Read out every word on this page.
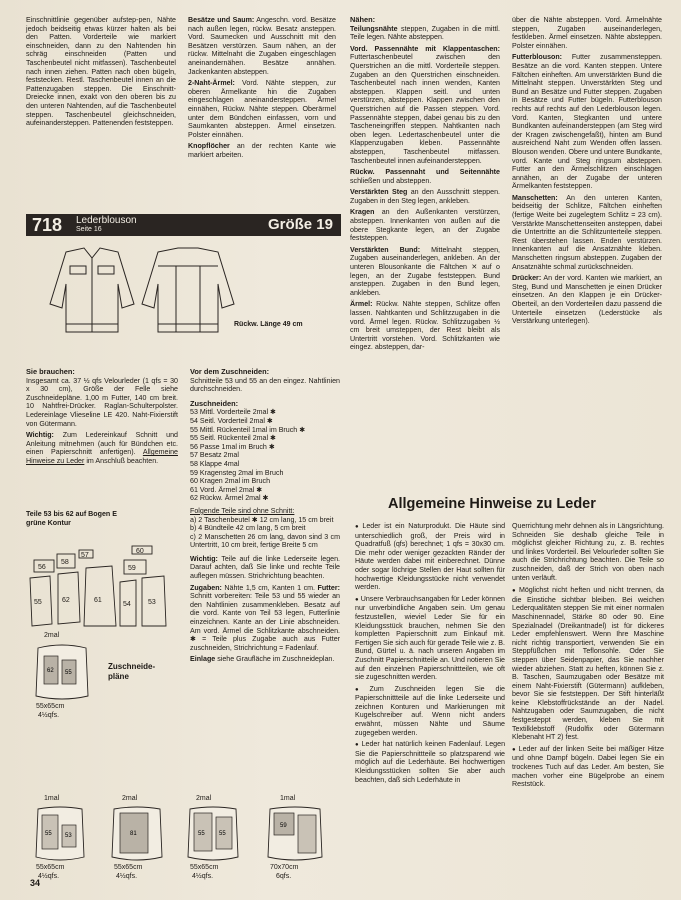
Einschnittlinie gegenüber aufstep-pen, Nähte jedoch beidseitig etwas kürzer halten als bei den Patten. Vorderteile wie markiert einschneiden, dann zu den Nahtenden hin schräg einschneiden (Patten und Taschenbeutel nicht mitfassen). Taschenbeutel nach innen ziehen. Patten nach oben bügeln, feststecken. Restl. Taschenbeutel innen an die Pattenzugaben steppen. Die Einschnitt-Dreiecke innen, exakt von den oberen bis zu den unteren Nahtenden, auf die Taschenbeutel steppen. Taschenbeutel gleichschneiden, aufeinandersteppen. Pattenenden feststeppen.

Besätze und Saum: Angeschn. vord. Besätze nach außen legen, rückw. Besatz ansteppen. Vord. Saumecken und Ausschnitt mit den Besätzen verstürzen. Saum nähen, an der rückw. Mittelnaht die Zugaben eingeschlagen aneinandernähen. Besätze annähen. Jackenkanten absteppen.

2-Naht-Ärmel: Vord. Nähte steppen, zur oberen Ärmelkante hin die Zugaben eingeschlagen aneinandersteppen. Ärmel einnähen, Rückw. Nähte steppen. Oberärmel unter dem Bündchen einfassen, vorn und Saumkanten absteppen. Ärmel einsetzen. Polster einnähen.

Knopflöcher an der rechten Kante wie markiert arbeiten.

718 Lederblouson
Seite 16	Größe 19
Rückw. Länge 49 cm

Sie brauchen:
Insgesamt ca. 37 ½ qfs Velourleder (1 qfs = 30 x 30 cm), Größe der Felle siehe Zuschneidepläne. 1,00 m Futter, 140 cm breit. 10 Nahtfrei-Drücker. Raglan-Schulterpolster. Ledereinlage Vlieseline LE 420. Naht-Fixierstift von Gütermann.

Wichtig: Zum Ledereinkauf Schnitt und Anleitung mitnehmen (auch für Bündchen etc. einen Papierschnitt anfertigen). Allgemeine Hinweise zu Leder im Anschluß beachten.

Teile 53 bis 62 auf Bogen E
grüne Kontur
56
58
57
60
59
55	62	61
54 53
Zuschneide-
pläne
2mal
62 55
55x65cm
4½qfs.
1mal
55 53
55x65cm
4½qfs.
2mal
81
55x65cm
4½qfs.
2mal
55 55
55x65cm
4½qfs.
1mal
59
70x70cm
6qfs.

Vor dem Zuschneiden:
Schnitteile 53 und 55 an den eingez. Nahtlinien durchschneiden.

Zuschneiden:
53 Mittl. Vorderteile 2mal ✱
54 Seitl. Vorderteil 2mal ✱
55 Mittl. Rückenteil 1mal im Bruch ✱
55 Seitl. Rückenteil 2mal ✱
56 Passe 1mal im Bruch ✱
57 Besatz 2mal
58 Klappe 4mal
59 Kragensteg 2mal im Bruch
60 Kragen 2mal im Bruch
61 Vord. Ärmel 2mal ✱
62 Rückw. Ärmel 2mal ✱
Folgende Teile sind ohne Schnitt:
a) 2 Taschenbeutel ✱ 12 cm lang, 15 cm breit
b) 4 Bündteile 42 cm lang, 5 cm breit
c) 2 Manschetten 26 cm lang, davon sind 3 cm Untertritt, 10 cm breit, fertige Breite 5 cm

Wichtig: Teile auf die linke Lederseite legen. Darauf achten, daß Sie linke und rechte Teile auflegen müssen. Strichrichtung beachten.

Zugaben: Nähte 1,5 cm, Kanten 1 cm. Futter: Schnitt vorbereiten: Teile 53 und 55 wieder an den Nahtlinien zusammenkleben. Besatz auf die vord. Kante von Teil 53 legen, Futterlinie einzeichnen. Kante an der Linie abschneiden. Am vord. Ärmel die Schlitzkante abschneiden. ✱ = Teile plus Zugabe auch aus Futter zuschneiden, Strichrichtung = Fadenlauf.

Einlage siehe Graufläche im Zuschneideplan.

Nähen:

Teilungsnähte steppen, Zugaben in die mittl. Teile legen. Nähte absteppen.

Vord. Passennähte mit Klappentaschen: Futtertaschenbeutel zwischen den Querstrichen an die mittl. Vorderteile steppen. Zugaben an den Querstrichen einschneiden. Taschenbeutel nach innen wenden, Kanten absteppen. Klappen seitl. und unten verstürzen, absteppen. Klappen zwischen den Querstrichen auf die Passen steppen. Vord. Passennähte steppen, dabei genau bis zu den Tascheneingriffen steppen. Nahtkanten nach oben legen. Ledertaschenbeutel unter die Klappenzugaben kleben. Passennähte absteppen, Taschenbeutel mitfassen. Taschenbeutel innen aufeinandersteppen.

Rückw. Passennaht und Seitennähte schließen und absteppen.

Verstärkten Steg an den Ausschnitt steppen. Zugaben in den Steg legen, ankleben.

Kragen an den Außenkanten verstürzen, absteppen. Innenkanten von außen auf die obere Stegkante legen, an der Zugabe feststeppen.

Verstärkten Bund: Mittelnaht steppen, Zugaben auseinanderlegen, ankleben. An der unteren Blousonkante die Fältchen ✕ auf o legen, an der Zugabe feststeppen. Bund ansteppen. Zugaben in den Bund legen, ankleben.

Ärmel: Rückw. Nähte steppen, Schlitze offen lassen. Nahtkanten und Schlitzzugaben in die vord. Ärmel legen. Rückw. Schlitzzugaben ½ cm breit umsteppen, der Rest bleibt als Untertritt vorstehen. Vord. Schlitzkanten wie eingez. absteppen, dar-

über die Nähte absteppen. Vord. Ärmelnähte steppen, Zugaben auseinanderlegen, festkleben. Ärmel einsetzen. Nähte absteppen. Polster einnähen.

Futterblouson: Futter zusammensteppen. Besätze an die vord. Kanten steppen. Untere Fältchen einheften. Am unverstärkten Bund die Mittelnaht steppen. Unverstärkten Steg und Bund an Besätze und Futter steppen. Zugaben in Besätze und Futter bügeln. Futterblouson rechts auf rechts auf den Lederblouson legen. Vord. Kanten, Stegkanten und untere Bundkanten aufeinandersteppen (am Steg wird der Kragen zwischengefaßt), hinten am Bund ausreichend Naht zum Wenden offen lassen. Blouson wenden. Obere und untere Bundkante, vord. Kante und Steg ringsum absteppen. Futter an den Ärmelschlitzen einschlagen annähen, an der Zugabe der unteren Ärmelkanten feststeppen.

Manschetten: An den unteren Kanten, beidseitig der Schlitze, Fältchen einheften (fertige Weite bei zugelegtem Schlitz = 23 cm). Verstärkte Manschettenseiten ansteppen, dabei die Untertritte an die Schlitzunterteile steppen. Rest überstehen lassen. Enden verstürzen. Innenkanten auf die Ansatznähte kleben. Manschetten ringsum absteppen. Zugaben der Ansatznähte schmal zurückschneiden.

Drücker: An der vord. Kanten wie markiert, an Steg, Bund und Manschetten je einen Drücker einsetzen. An den Klappen je ein Drücker-Oberteil, an den Vorderteilen dazu passend die Unterteile einsetzen (Lederstücke als Verstärkung unterlegen).

Allgemeine Hinweise zu Leder

● Leder ist ein Naturprodukt. Die Häute sind unterschiedlich groß, der Preis wird in Quadratfuß (qfs) berechnet; 1 qfs = 30x30 cm. Die mehr oder weniger gezackten Ränder der Häute werden dabei mit einberechnet. Dünne oder sogar löchrige Stellen der Haut sollten für hochwertige Kleidungsstücke nicht verwendet werden.

● Unsere Verbrauchsangaben für Leder können nur unverbindliche Angaben sein. Um genau festzustellen, wieviel Leder Sie für ein Kleidungsstück brauchen, nehmen Sie den kompletten Papierschnitt zum Einkauf mit. Fertigen Sie sich auch für gerade Teile wie z. B. Bund, Gürtel u. ä. nach unseren Angaben im Zuschnitt Papierschnitteile an. Und notieren Sie auf den einzelnen Papierschnittteilen, wie oft sie zugeschnitten werden.

● Zum Zuschneiden legen Sie die Papierschnittteile auf die linke Lederseite und zeichnen Konturen und Markierungen mit Kugelschreiber auf. Wenn nicht anders erwähnt, müssen Nähte und Säume zugegeben werden.

● Leder hat natürlich keinen Fadenlauf. Legen Sie die Papierschnittteile so platzsparend wie möglich auf die Lederhäute. Bei hochwertigen Kleidungsstücken sollten Sie aber auch beachten, daß sich Lederhäute in

Querrichtung mehr dehnen als in Längsrichtung. Schneiden Sie deshalb gleiche Teile in möglichst gleicher Richtung zu, z. B. rechtes und linkes Vorderteil. Bei Velourleder sollten Sie auch die Strichrichtung beachten. Die Teile so zuschneiden, daß der Strich von oben nach unten verläuft.

● Möglichst nicht heften und nicht trennen, da die Einstiche sichtbar bleiben. Bei weichen Lederqualitäten steppen Sie mit einer normalen Maschinennadel, Stärke 80 oder 90. Eine Spezialnadel (Dreikantnadel) ist für dickeres Leder empfehlenswert. Wenn Ihre Maschine nicht richtig transportiert, verwenden Sie ein Steppfüßchen mit Teflonsohle. Oder Sie steppen über Seidenpapier, das Sie nachher wieder abziehen. Statt zu heften, können Sie z. B. Taschen, Saumzugaben oder Besätze mit einem Naht-Fixierstift (Gütermann) aufkleben, bevor Sie sie feststeppen. Der Stift hinterläßt keine Klebstoffrückstände an der Nadel. Nahtzugaben oder Saumzugaben, die nicht festgesteppt werden, kleben Sie mit Textilklebstoff (Rudolfix oder Gütermann Klebenaht HT 2) fest.

● Leder auf der linken Seite bei mäßiger Hitze und ohne Dampf bügeln. Dabei legen Sie ein trockenes Tuch auf das Leder. Am besten, Sie machen vorher eine Bügelprobe an einem Reststück.

34
